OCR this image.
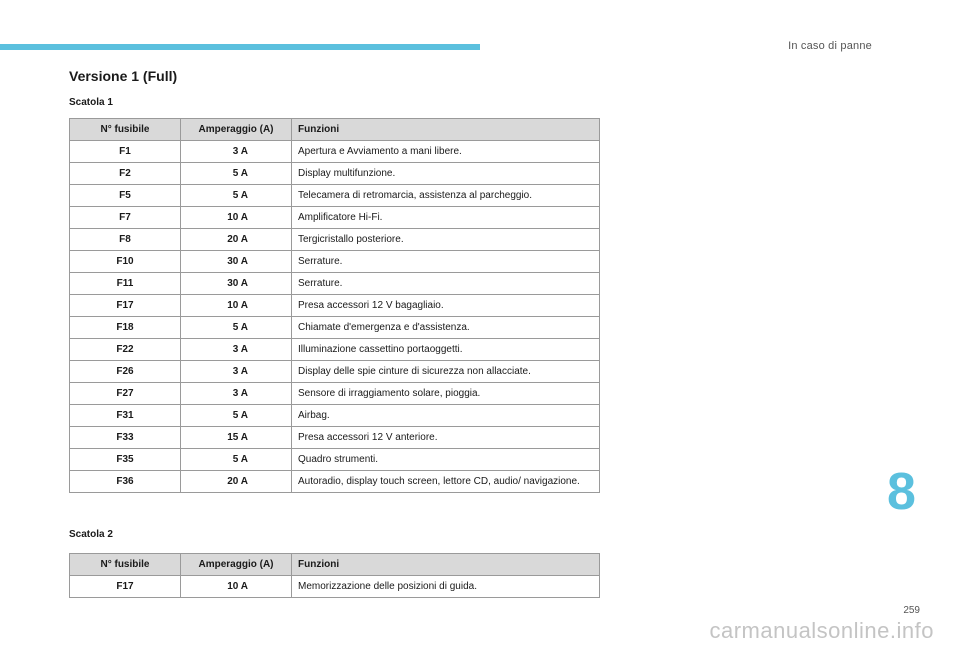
In caso di panne
Versione 1 (Full)
Scatola 1
N° fusibile	Amperaggio (A)	Funzioni
F1	3 A	Apertura e Avviamento a mani libere.
F2	5 A	Display multifunzione.
F5	5 A	Telecamera di retromarcia, assistenza al parcheggio.
F7	10 A	Amplificatore Hi-Fi.
F8	20 A	Tergicristallo posteriore.
F10	30 A	Serrature.
F11	30 A	Serrature.
F17	10 A	Presa accessori 12 V bagagliaio.
F18	5 A	Chiamate d'emergenza e d'assistenza.
F22	3 A	Illuminazione cassettino portaoggetti.
F26	3 A	Display delle spie cinture di sicurezza non allacciate.
F27	3 A	Sensore di irraggiamento solare, pioggia.
F31	5 A	Airbag.
F33	15 A	Presa accessori 12 V anteriore.
F35	5 A	Quadro strumenti.
F36	20 A	Autoradio, display touch screen, lettore CD, audio/ navigazione.
Scatola 2
N° fusibile	Amperaggio (A)	Funzioni
F17	10 A	Memorizzazione delle posizioni di guida.
8
259
carmanualsonline.info
